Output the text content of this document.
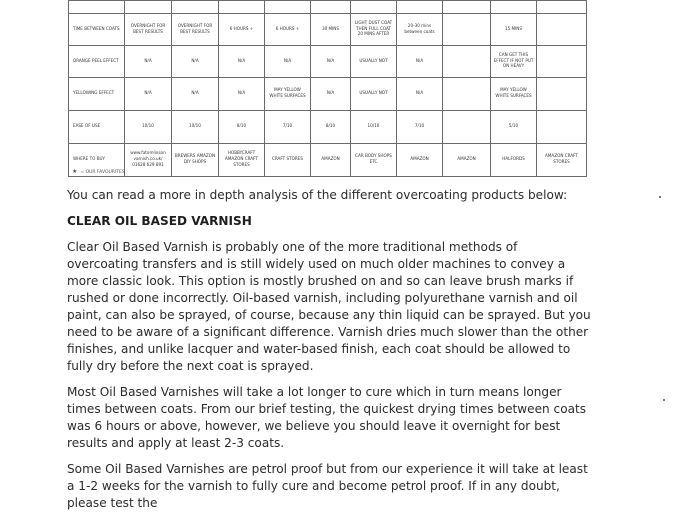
TIME BETWEEN COATS	OVERNIGHT FOR BEST RESULTS	OVERNIGHT FOR BEST RESULTS	6 HOURS +	6 HOURS +	30 MINS	LIGHT DUST COAT THEN FULL COAT 20 MINS AFTER	20-30 mins between coats		15 MINS	
ORANGE PEEL EFFECT	N/A	N/A	N/A	N/A	N/A	USUALLY NOT	N/A		CAN GET THIS EFFECT IF NOT PUT ON HEAVY	
YELLOWING EFFECT	N/A	N/A	N/A	MAY YELLOW WHITE SURFACES	N/A	USUALLY NOT	N/A		MAY YELLOW WHITE SURFACES	
EASE OF USE	10/10	10/10	8/10	7/10	8/10	10/10	7/10		5/10	
WHERE TO BUY	www.fatomlinson varnish.co.uk/ 01628 629 891	BREWERS AMAZON DIY SHOPS	HOBBYCRAFT AMAZON CRAFT STORES	CRAFT STORES	AMAZON	CAR BODY SHOPS ETC	AMAZON	AMAZON	HALFORDS	AMAZON CRAFT STORES
★ = OUR FAVOURITES

You can read a more in depth analysis of the different overcoating products below:

CLEAR OIL BASED VARNISH

Clear Oil Based Varnish is probably one of the more traditional methods of overcoating transfers and is still widely used on much older machines to convey a more classic look. This option is mostly brushed on and so can leave brush marks if rushed or done incorrectly. Oil-based varnish, including polyurethane varnish and oil paint, can also be sprayed, of course, because any thin liquid can be sprayed. But you need to be aware of a significant difference. Varnish dries much slower than the other finishes, and unlike lacquer and water-based finish, each coat should be allowed to fully dry before the next coat is sprayed.

Most Oil Based Varnishes will take a lot longer to cure which in turn means longer times between coats. From our brief testing, the quickest drying times between coats was 6 hours or above, however, we believe you should leave it overnight for best results and apply at least 2-3 coats.

Some Oil Based Varnishes are petrol proof but from our experience it will take at least a 1-2 weeks for the varnish to fully cure and become petrol proof. If in any doubt, please test the
